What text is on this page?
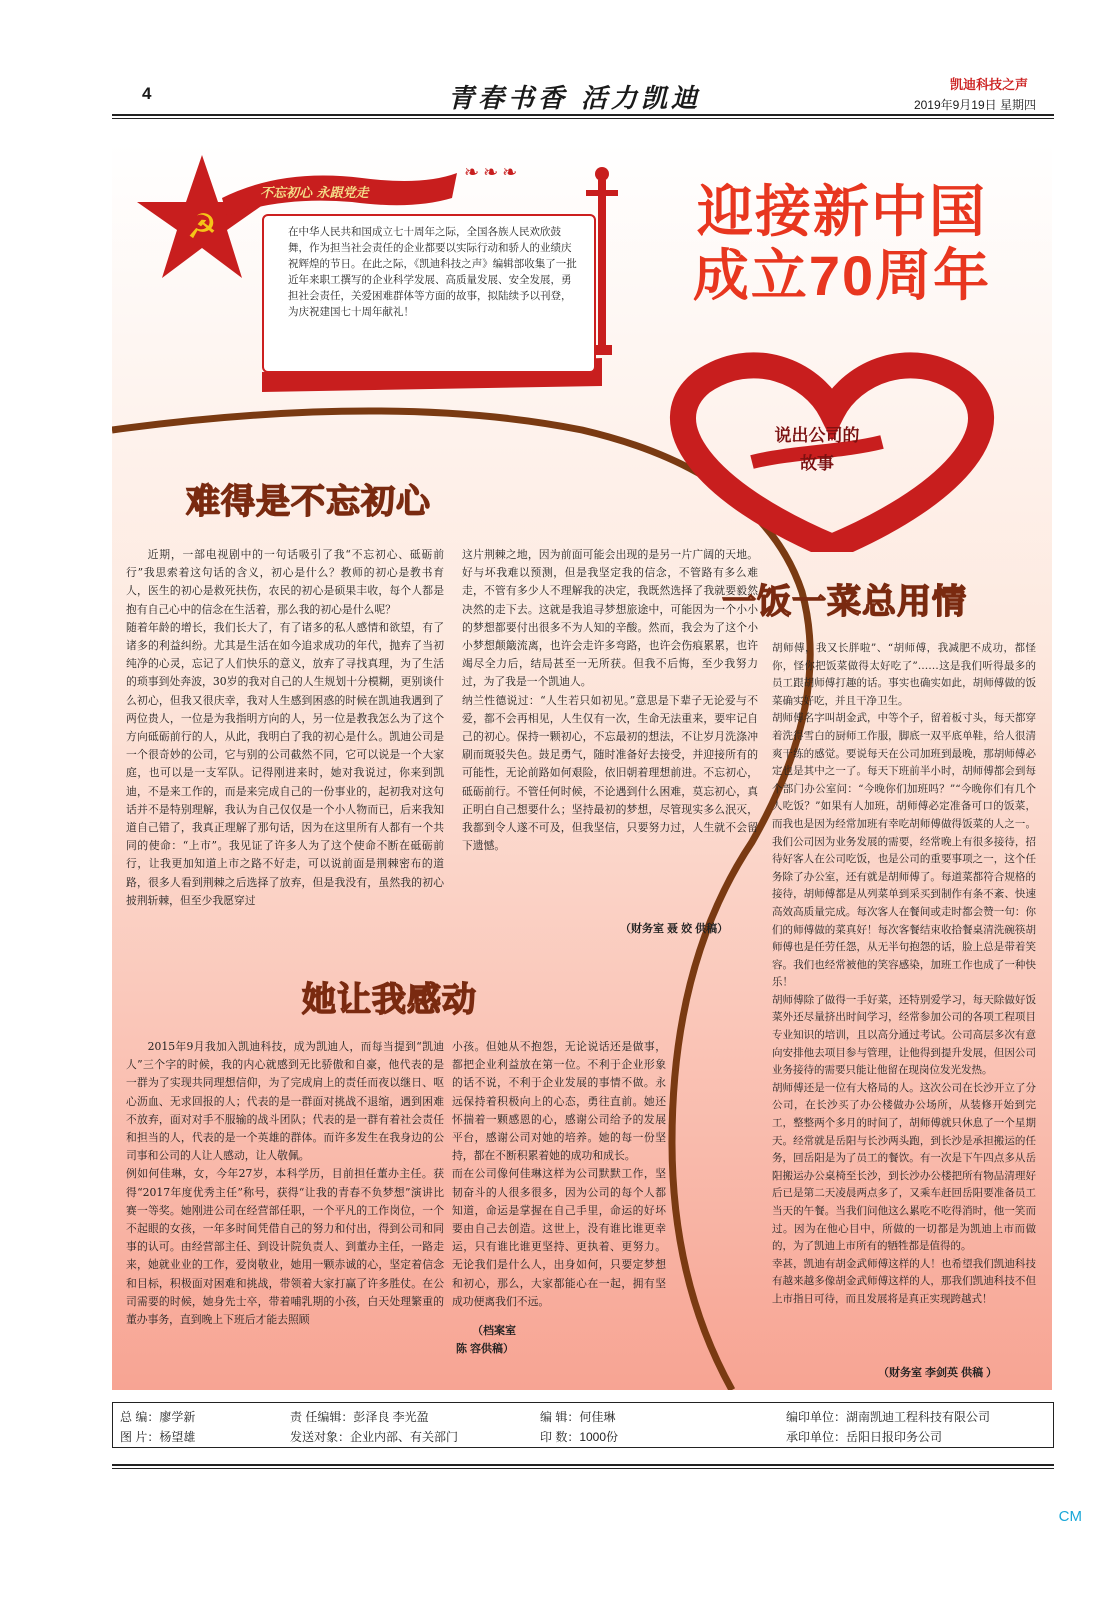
4	青春书香 活力凯迪	凯迪科技之声
2019年9月19日 星期四
☭
不忘初心 永跟党走
❧❧❧
在中华人民共和国成立七十周年之际，全国各族人民欢欣鼓舞，作为担当社会责任的企业都要以实际行动和骄人的业绩庆祝辉煌的节日。在此之际，《凯迪科技之声》编辑部收集了一批近年来职工撰写的企业科学发展、高质量发展、安全发展，勇担社会责任，关爱困难群体等方面的故事，拟陆续予以刊登，为庆祝建国七十周年献礼！
迎接新中国
成立70周年
说出公司的
故事
难得是不忘初心
近期，一部电视剧中的一句话吸引了我“不忘初心、砥砺前行”我思索着这句话的含义，初心是什么？教师的初心是教书育人，医生的初心是救死扶伤，农民的初心是硕果丰收，每个人都是抱有自己心中的信念在生活着，那么我的初心是什么呢？
随着年龄的增长，我们长大了，有了诸多的私人感情和欲望，有了诸多的利益纠纷。尤其是生活在如今追求成功的年代，抛弃了当初纯净的心灵，忘记了人们快乐的意义，放弃了寻找真理，为了生活的琐事到处奔波，30岁的我对自己的人生规划十分模糊，更别谈什么初心，但我又很庆幸，我对人生感到困惑的时候在凯迪我遇到了两位贵人，一位是为我指明方向的人，另一位是教我怎么为了这个方向砥砺前行的人，从此，我明白了我的初心是什么。凯迪公司是一个很奇妙的公司，它与别的公司截然不同，它可以说是一个大家庭，也可以是一支军队。记得刚进来时，她对我说过，你来到凯迪，不是来工作的，而是来完成自己的一份事业的，起初我对这句话并不是特别理解，我认为自己仅仅是一个小人物而已，后来我知道自己错了，我真正理解了那句话，因为在这里所有人都有一个共同的使命：“上市”。我见证了许多人为了这个使命不断在砥砺前行，让我更加知道上市之路不好走，可以说前面是荆棘密布的道路，很多人看到荆棘之后选择了放弃，但是我没有，虽然我的初心披荆斩棘，但至少我愿穿过
这片荆棘之地，因为前面可能会出现的是另一片广阔的天地。好与坏我难以预测，但是我坚定我的信念，不管路有多么难走，不管有多少人不理解我的决定，我既然选择了我就要毅然决然的走下去。这就是我追寻梦想旅途中，可能因为一个小小的梦想都要付出很多不为人知的辛酸。然而，我会为了这个小小梦想颠簸流离，也许会走许多弯路，也许会伤痕累累，也许竭尽全力后，结局甚至一无所获。但我不后悔，至少我努力过，为了我是一个凯迪人。
纳兰性德说过：“人生若只如初见。”意思是下辈子无论爱与不爱，都不会再相见，人生仅有一次，生命无法重来，要牢记自己的初心。保持一颗初心，不忘最初的想法，不让岁月洗涤冲刷而斑驳失色。鼓足勇气，随时准备好去接受，并迎接所有的可能性，无论前路如何艰险，依旧朝着理想前进。不忘初心，砥砺前行。不管任何时候，不论遇到什么困难，莫忘初心，真正明白自己想要什么；坚持最初的梦想，尽管现实多么泯灭，我都到令人遂不可及，但我坚信，只要努力过，人生就不会留下遗憾。
（财务室 聂 姣 供稿）
她让我感动
2015年9月我加入凯迪科技，成为凯迪人，而每当提到“凯迪人”三个字的时候，我的内心就感到无比骄傲和自豪，他代表的是一群为了实现共同理想信仰，为了完成肩上的责任而夜以继日、呕心沥血、无求回报的人；代表的是一群面对挑战不退缩，遇到困难不放弃，面对对手不服输的战斗团队；代表的是一群有着社会责任和担当的人，代表的是一个英雄的群体。而许多发生在我身边的公司事和公司的人让人感动，让人敬佩。
例如何佳琳，女，今年27岁，本科学历，目前担任董办主任。获得“2017年度优秀主任”称号，获得“让我的青春不负梦想”演讲比赛一等奖。她刚进公司在经营部任职，一个平凡的工作岗位，一个不起眼的女孩，一年多时间凭借自己的努力和付出，得到公司和同事的认可。由经营部主任、到设计院负责人、到董办主任，一路走来，她就业业的工作，爱岗敬业，她用一颗赤诚的心，坚定着信念和目标，积极面对困难和挑战，带领着大家打赢了许多胜仗。在公司需要的时候，她身先士卒，带着哺乳期的小孩，白天处理繁重的董办事务，直到晚上下班后才能去照顾
小孩。但她从不抱怨，无论说话还是做事，都把企业利益放在第一位。不利于企业形象的话不说，不利于企业发展的事情不做。永远保持着积极向上的心态，勇往直前。她还怀揣着一颗感恩的心，感谢公司给予的发展平台，感谢公司对她的培养。她的每一份坚持，都在不断积累着她的成功和成长。
而在公司像何佳琳这样为公司默默工作，坚韧奋斗的人很多很多，因为公司的每个人都知道，命运是掌握在自己手里，命运的好坏要由自己去创造。这世上，没有谁比谁更幸运，只有谁比谁更坚持、更执着、更努力。无论我们是什么人，出身如何，只要定梦想和初心，那么，大家都能心在一起，拥有坚成功便离我们不远。
（档案室
陈 容供稿）
一饭一菜总用情
胡师傅，我又长胖啦”、“胡师傅，我减肥不成功，都怪你，怪你把饭菜做得太好吃了”……这是我们听得最多的员工跟胡师傅打趣的话。事实也确实如此，胡师傅做的饭菜确实好吃，并且干净卫生。
胡师傅名字叫胡金武，中等个子，留着板寸头，每天都穿着洗得雪白的厨师工作服，脚底一双平底单鞋，给人很清爽干练的感觉。要说每天在公司加班到最晚，那胡师傅必定也是其中之一了。每天下班前半小时，胡师傅都会到每个部门办公室问：“今晚你们加班吗？”“今晚你们有几个人吃饭？”如果有人加班，胡师傅必定准备可口的饭菜，而我也是因为经常加班有幸吃胡师傅做得饭菜的人之一。我们公司因为业务发展的需要，经常晚上有很多接待，招待好客人在公司吃饭，也是公司的重要事项之一，这个任务除了办公室，还有就是胡师傅了。每道菜都符合规格的接待，胡师傅都是从列菜单到采买到制作有条不紊、快速高效高质量完成。每次客人在餐间或走时都会赞一句：你们的师傅做的菜真好！每次客餐结束收拾餐桌清洗碗筷胡师傅也是任劳任怨，从无半句抱怨的话，脸上总是带着笑容。我们也经常被他的笑容感染，加班工作也成了一种快乐！
胡师傅除了做得一手好菜，还特别爱学习，每天除做好饭菜外还尽量挤出时间学习，经常参加公司的各项工程项目专业知识的培训，且以高分通过考试。公司高层多次有意向安排他去项目参与管理，让他得到提升发展，但因公司业务接待的需要只能让他留在现岗位发光发热。
胡师傅还是一位有大格局的人。这次公司在长沙开立了分公司，在长沙买了办公楼做办公场所，从装修开始到完工，整整两个多月的时间了，胡师傅就只休息了一个星期天。经常就是岳阳与长沙两头跑，到长沙是承担搬运的任务，回岳阳是为了员工的餐饮。有一次是下午四点多从岳阳搬运办公桌椅至长沙，到长沙办公楼把所有物品清理好后已是第二天凌晨两点多了，又乘车赶回岳阳要准备员工当天的午餐。当我们问他这么累吃不吃得消时，他一笑而过。因为在他心目中，所做的一切都是为凯迪上市而做的，为了凯迪上市所有的牺牲都是值得的。
幸甚，凯迪有胡金武师傅这样的人！也希望我们凯迪科技有越来越多像胡金武师傅这样的人，那我们凯迪科技不但上市指日可待，而且发展将是真正实现跨越式！
（财务室 李剑英 供稿 ）
总 编：廖学新	责 任编辑：彭泽良 李光盈	编 辑：何佳琳	编印单位：湖南凯迪工程科技有限公司
图 片：杨望雄	发送对象：企业内部、有关部门	印 数：1000份	承印单位：岳阳日报印务公司
CM
